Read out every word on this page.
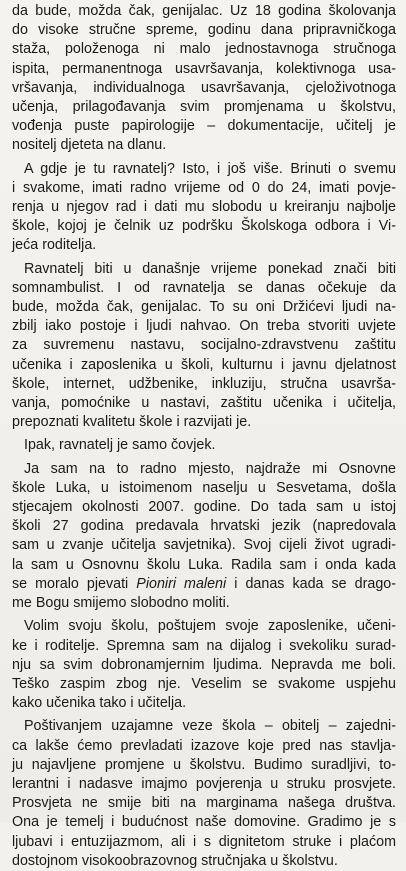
da bude, možda čak, genijalac. Uz 18 godina školovanja
do visoke stručne spreme, godinu dana pripravničkoga
staža, položenoga ni malo jednostavnoga stručnoga
ispita, permanentnoga usavršavanja, kolektivnoga usa-
vršavanja, individualnoga usavršavanja, cjeloživotnoga
učenja, prilagođavanja svim promjenama u školstvu,
vođenja puste papirologije – dokumentacije, učitelj je
nositelj djeteta na dlanu.

A gdje je tu ravnatelj? Isto, i još više. Brinuti o svemu
i svakome, imati radno vrijeme od 0 do 24, imati povje-
renja u njegov rad i dati mu slobodu u kreiranju najbolje
škole, kojoj je čelnik uz podršku Školskoga odbora i Vi-
jeća roditelja.

Ravnatelj biti u današnje vrijeme ponekad znači biti
somnambulist. I od ravnatelja se danas očekuje da
bude, možda čak, genijalac. To su oni Držićevi ljudi na-
zbilj iako postoje i ljudi nahvao. On treba stvoriti uvjete
za suvremenu nastavu, socijalno-zdravstvenu zaštitu
učenika i zaposlenika u školi, kulturnu i javnu djelatnost
škole, internet, udžbenike, inkluziju, stručna usavrša-
vanja, pomoćnike u nastavi, zaštitu učenika i učitelja,
prepoznati kvalitetu škole i razvijati je.

Ipak, ravnatelj je samo čovjek.

Ja sam na to radno mjesto, najdraže mi Osnovne
škole Luka, u istoimenom naselju u Sesvetama, došla
stjecajem okolnosti 2007. godine. Do tada sam u istoj
školi 27 godina predavala hrvatski jezik (napredovala
sam u zvanje učitelja savjetnika). Svoj cijeli život ugradi-
la sam u Osnovnu školu Luka. Radila sam i onda kada
se moralo pjevati Pioniri maleni i danas kada se drago-
me Bogu smijemo slobodno moliti.

Volim svoju školu, poštujem svoje zaposlenike, učeni-
ke i roditelje. Spremna sam na dijalog i svekoliku surad-
nju sa svim dobronamjernim ljudima. Nepravda me boli.
Teško zaspim zbog nje. Veselim se svakome uspjehu
kako učenika tako i učitelja.

Poštivanjem uzajamne veze škola – obitelj – zajedni-
ca lakše ćemo prevladati izazove koje pred nas stavlja-
ju najavljene promjene u školstvu. Budimo suradljivi, to-
lerantni i nadasve imajmo povjerenja u struku prosvjete.
Prosvjeta ne smije biti na marginama našega društva.
Ona je temelj i budućnost naše domovine. Gradimo je s
ljubavi i entuzijazmom, ali i s dignitetom struke i plaćom
dostojnom visokoobrazovnog stručnjaka u školstvu.
